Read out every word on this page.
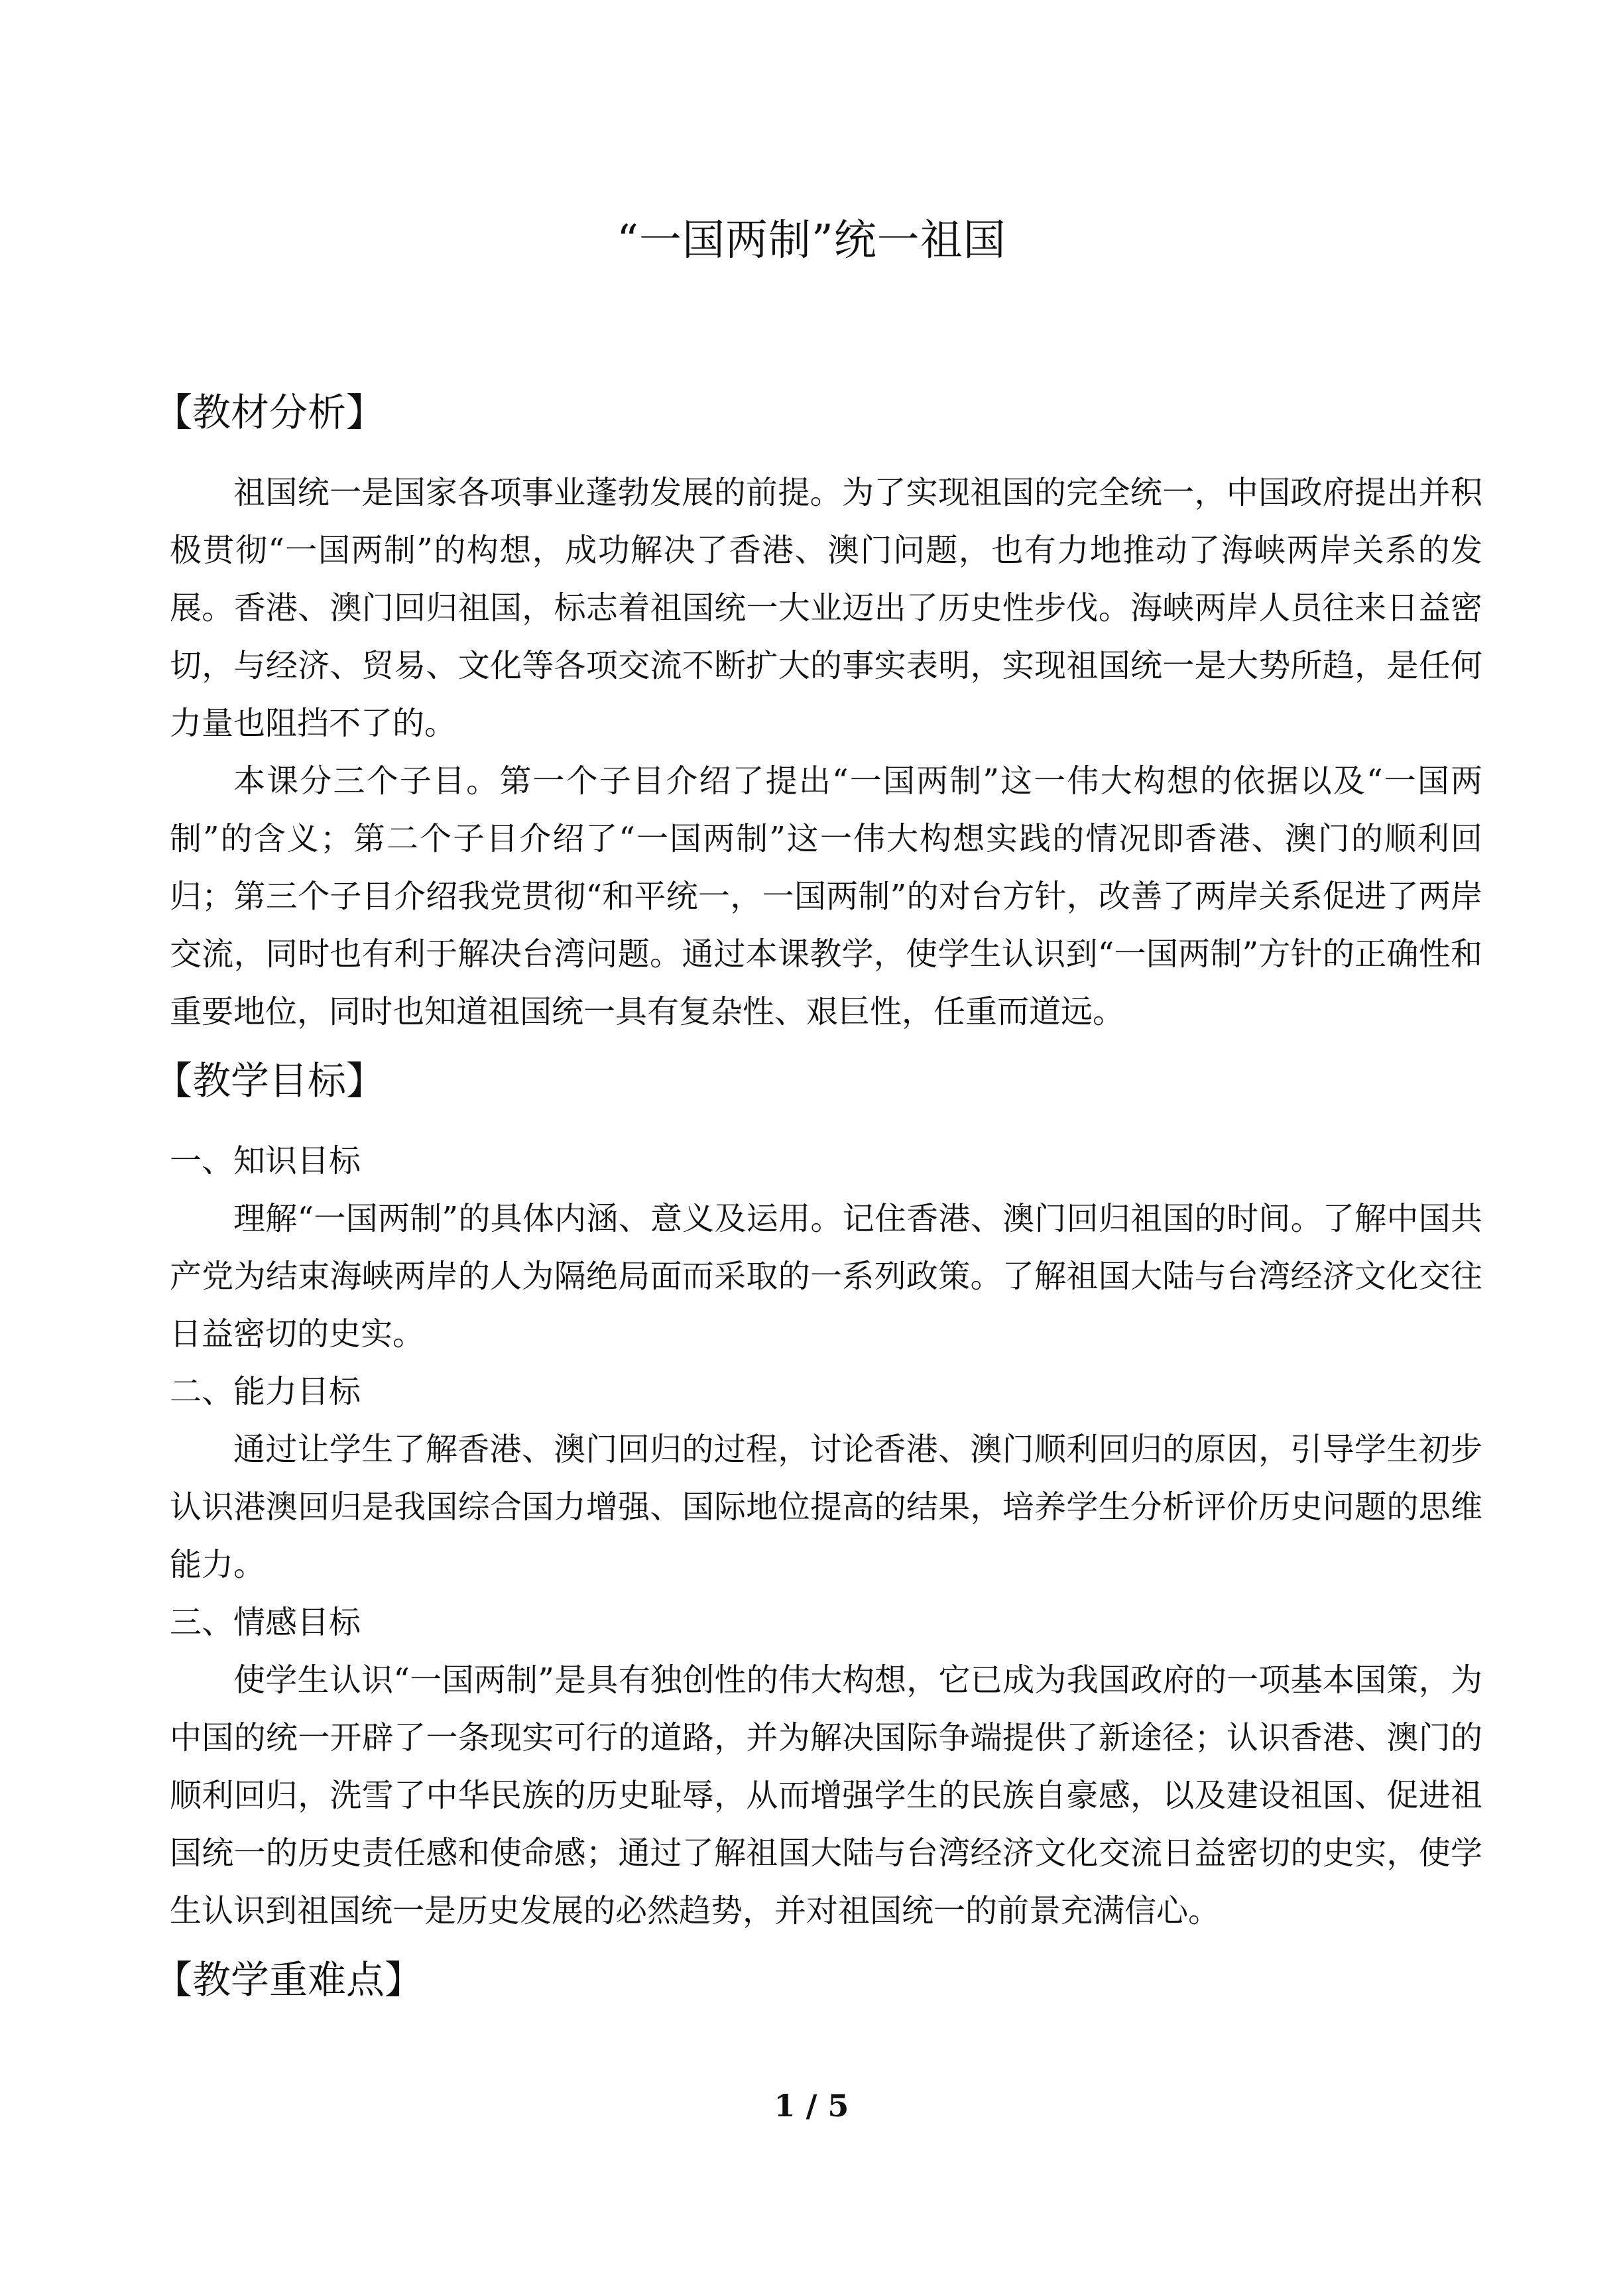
“一国两制”统一祖国
【教材分析】

祖国统一是国家各项事业蓬勃发展的前提。为了实现祖国的完全统一，中国政府提出并积极贯彻“一国两制”的构想，成功解决了香港、澳门问题，也有力地推动了海峡两岸关系的发展。香港、澳门回归祖国，标志着祖国统一大业迈出了历史性步伐。海峡两岸人员往来日益密切，与经济、贸易、文化等各项交流不断扩大的事实表明，实现祖国统一是大势所趋，是任何力量也阻挡不了的。

本课分三个子目。第一个子目介绍了提出“一国两制”这一伟大构想的依据以及“一国两制”的含义；第二个子目介绍了“一国两制”这一伟大构想实践的情况即香港、澳门的顺利回归；第三个子目介绍我党贯彻“和平统一，一国两制”的对台方针，改善了两岸关系促进了两岸交流，同时也有利于解决台湾问题。通过本课教学，使学生认识到“一国两制”方针的正确性和重要地位，同时也知道祖国统一具有复杂性、艰巨性，任重而道远。

【教学目标】

一、知识目标

理解“一国两制”的具体内涵、意义及运用。记住香港、澳门回归祖国的时间。了解中国共产党为结束海峡两岸的人为隔绝局面而采取的一系列政策。了解祖国大陆与台湾经济文化交往日益密切的史实。

二、能力目标

通过让学生了解香港、澳门回归的过程，讨论香港、澳门顺利回归的原因，引导学生初步认识港澳回归是我国综合国力增强、国际地位提高的结果，培养学生分析评价历史问题的思维能力。

三、情感目标

使学生认识“一国两制”是具有独创性的伟大构想，它已成为我国政府的一项基本国策，为中国的统一开辟了一条现实可行的道路，并为解决国际争端提供了新途径；认识香港、澳门的顺利回归，洗雪了中华民族的历史耻辱，从而增强学生的民族自豪感，以及建设祖国、促进祖国统一的历史责任感和使命感；通过了解祖国大陆与台湾经济文化交流日益密切的史实，使学生认识到祖国统一是历史发展的必然趋势，并对祖国统一的前景充满信心。

【教学重难点】
1 / 5
